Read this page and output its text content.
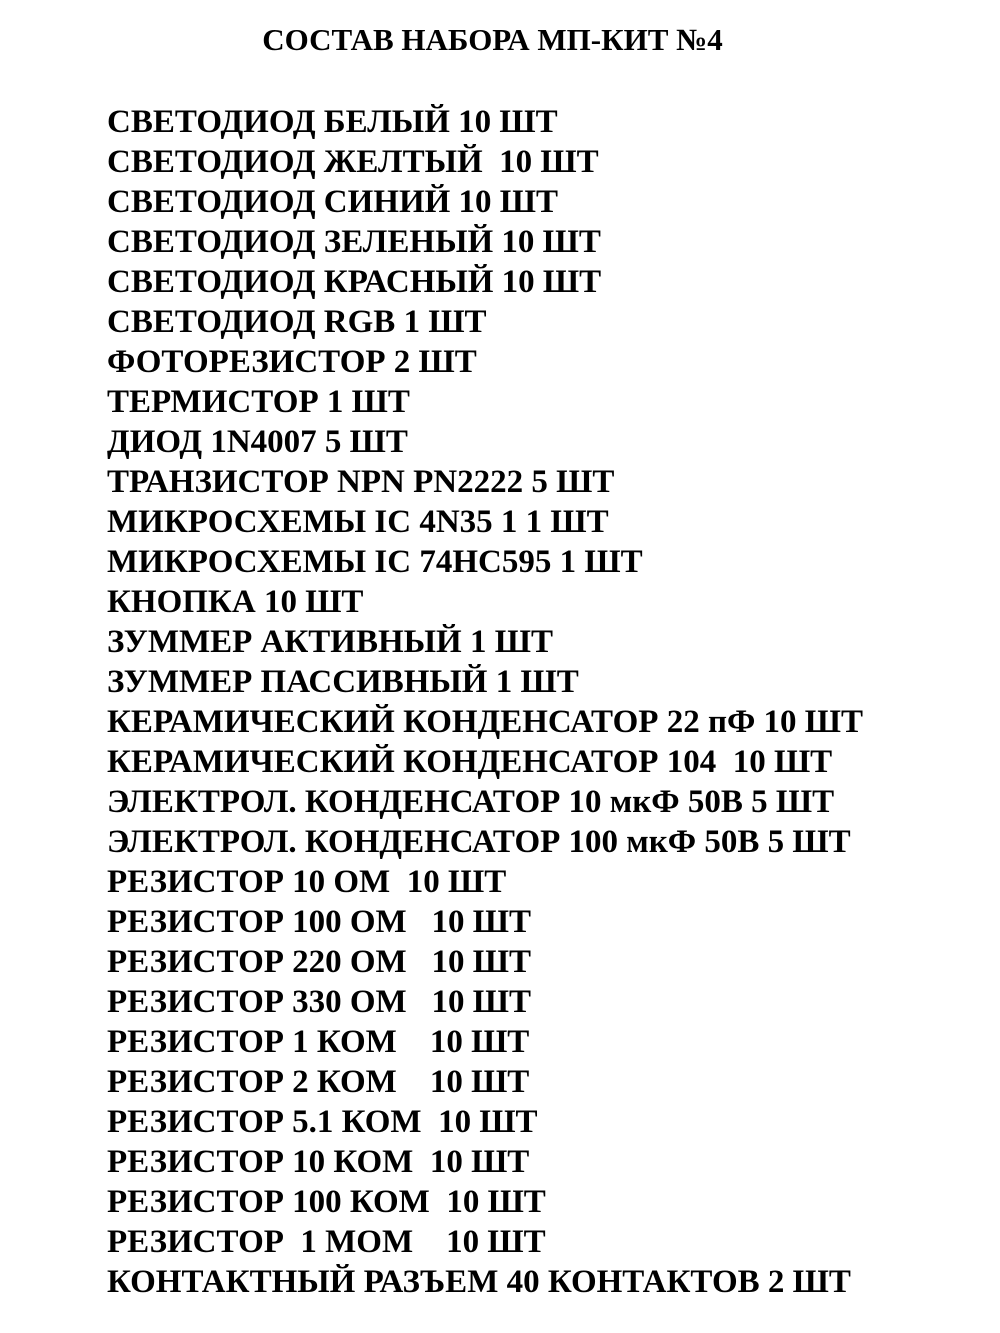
СОСТАВ НАБОРА МП-КИТ №4
СВЕТОДИОД БЕЛЫЙ 10 ШТ
СВЕТОДИОД ЖЕЛТЫЙ  10 ШТ
СВЕТОДИОД СИНИЙ 10 ШТ
СВЕТОДИОД ЗЕЛЕНЫЙ 10 ШТ
СВЕТОДИОД КРАСНЫЙ 10 ШТ
СВЕТОДИОД RGB 1 ШТ
ФОТОРЕЗИСТОР 2 ШТ
ТЕРМИСТОР 1 ШТ
ДИОД 1N4007 5 ШТ
ТРАНЗИСТОР NPN PN2222 5 ШТ
МИКРОСХЕМЫ IC 4N35 1 1 ШТ
МИКРОСХЕМЫ IC 74HC595 1 ШТ
КНОПКА 10 ШТ
ЗУММЕР АКТИВНЫЙ 1 ШТ
ЗУММЕР ПАССИВНЫЙ 1 ШТ
КЕРАМИЧЕСКИЙ КОНДЕНСАТОР 22 пФ 10 ШТ
КЕРАМИЧЕСКИЙ КОНДЕНСАТОР 104  10 ШТ
ЭЛЕКТРОЛ. КОНДЕНСАТОР 10 мкФ 50В 5 ШТ
ЭЛЕКТРОЛ. КОНДЕНСАТОР 100 мкФ 50В 5 ШТ
РЕЗИСТОР 10 ОМ  10 ШТ
РЕЗИСТОР 100 ОМ   10 ШТ
РЕЗИСТОР 220 ОМ   10 ШТ
РЕЗИСТОР 330 ОМ   10 ШТ
РЕЗИСТОР 1 КОМ    10 ШТ
РЕЗИСТОР 2 КОМ    10 ШТ
РЕЗИСТОР 5.1 КОМ  10 ШТ
РЕЗИСТОР 10 КОМ  10 ШТ
РЕЗИСТОР 100 КОМ  10 ШТ
РЕЗИСТОР  1 МОМ    10 ШТ
КОНТАКТНЫЙ РАЗЪЕМ 40 КОНТАКТОВ 2 ШТ
